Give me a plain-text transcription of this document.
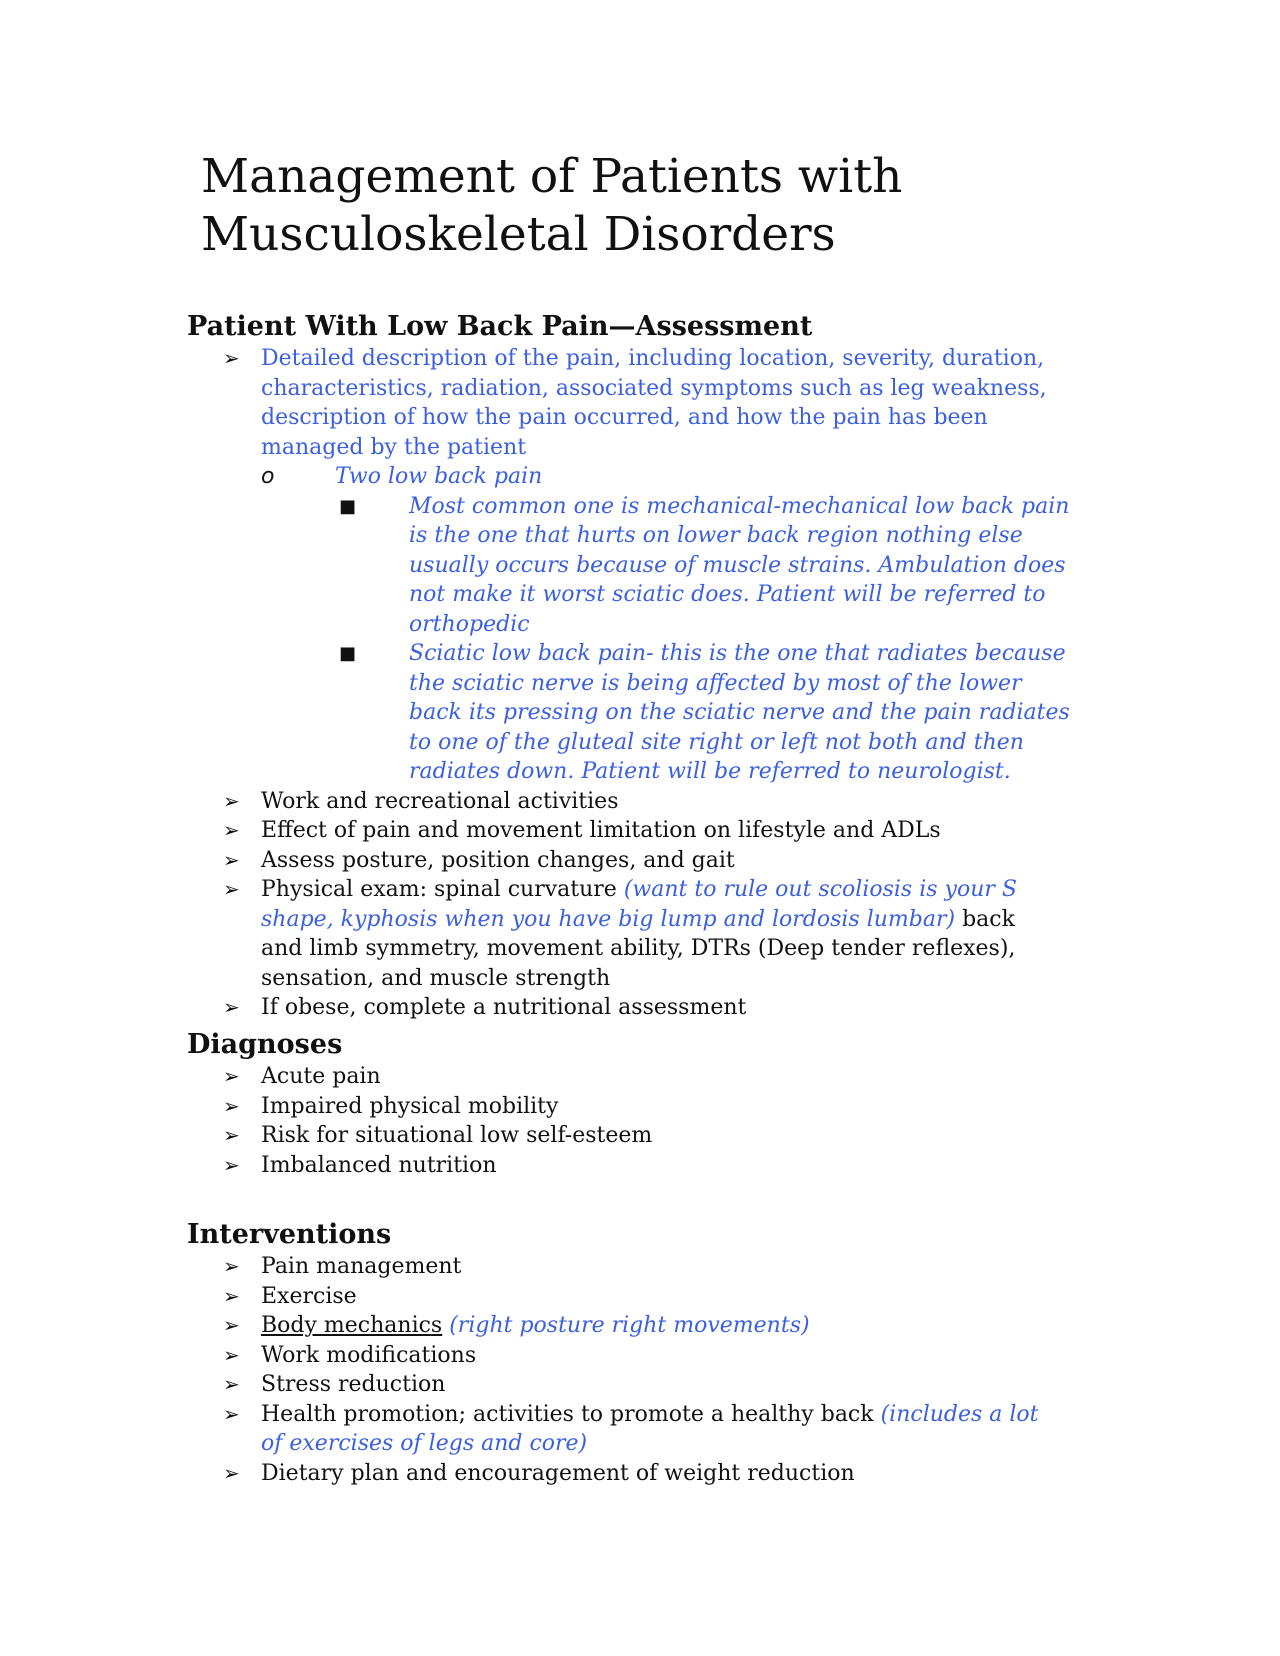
Management of Patients with
Musculoskeletal Disorders
Patient With Low Back Pain—Assessment
➢ Detailed description of the pain, including location, severity, duration, characteristics, radiation, associated symptoms such as leg weakness, description of how the pain occurred, and how the pain has been managed by the patient
o	Two low back pain
■ Most common one is mechanical-mechanical low back pain is the one that hurts on lower back region nothing else usually occurs because of muscle strains. Ambulation does not make it worst sciatic does. Patient will be referred to orthopedic
■ Sciatic low back pain- this is the one that radiates because the sciatic nerve is being affected by most of the lower back its pressing on the sciatic nerve and the pain radiates to one of the gluteal site right or left not both and then radiates down. Patient will be referred to neurologist.
➢ Work and recreational activities
➢ Effect of pain and movement limitation on lifestyle and ADLs
➢ Assess posture, position changes, and gait
➢ Physical exam: spinal curvature (want to rule out scoliosis is your S shape, kyphosis when you have big lump and lordosis lumbar) back and limb symmetry, movement ability, DTRs (Deep tender reflexes), sensation, and muscle strength
➢ If obese, complete a nutritional assessment
Diagnoses
➢ Acute pain
➢ Impaired physical mobility
➢ Risk for situational low self-esteem
➢ Imbalanced nutrition
Interventions
➢ Pain management
➢ Exercise
➢ Body mechanics (right posture right movements)
➢ Work modifications
➢ Stress reduction
➢ Health promotion; activities to promote a healthy back (includes a lot of exercises of legs and core)
➢ Dietary plan and encouragement of weight reduction
